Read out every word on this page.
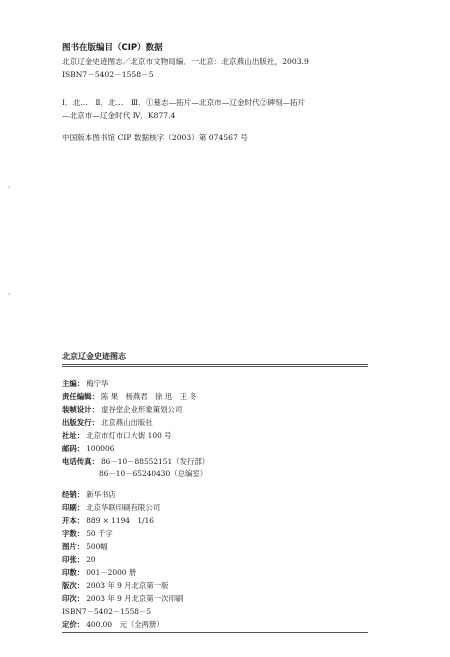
图书在版编目（CIP）数据
北京辽金史迹图志／北京市文物局编．一北京：北京燕山出版社，2003.9
ISBN7－5402－1558－5
Ⅰ．北…　Ⅱ．北…　Ⅲ．①墓志—拓片—北京市—辽金时代②碑刻—拓片
—北京市—辽金时代 Ⅳ．K877.4
中国版本图书馆 CIP 数据核字（2003）第 074567 号
'
'
北京辽金史迹图志
主编： 梅宁华
责任编辑： 陈 果　杨燕君　徐 迅　王 冬
装帧设计： 虚谷堂企业形象策划公司
出版发行： 北京燕山出版社
社址： 北京市灯市口大街 100 号
邮码： 100006
电话传真： 86－10－88552151（发行部）
86－10－65240430（总编室）
经销： 新华书店
印刷： 北京华联印刷有限公司
开本： 889 × 1194　1/16
字数： 50 千字
图片： 500幅
印张： 20
印数： 001－2000 册
版次： 2003 年 9 月北京第一版
印次： 2003 年 9 月北京第一次印刷
ISBN7－5402－1558－5
定价： 400.00　元（全两册）
